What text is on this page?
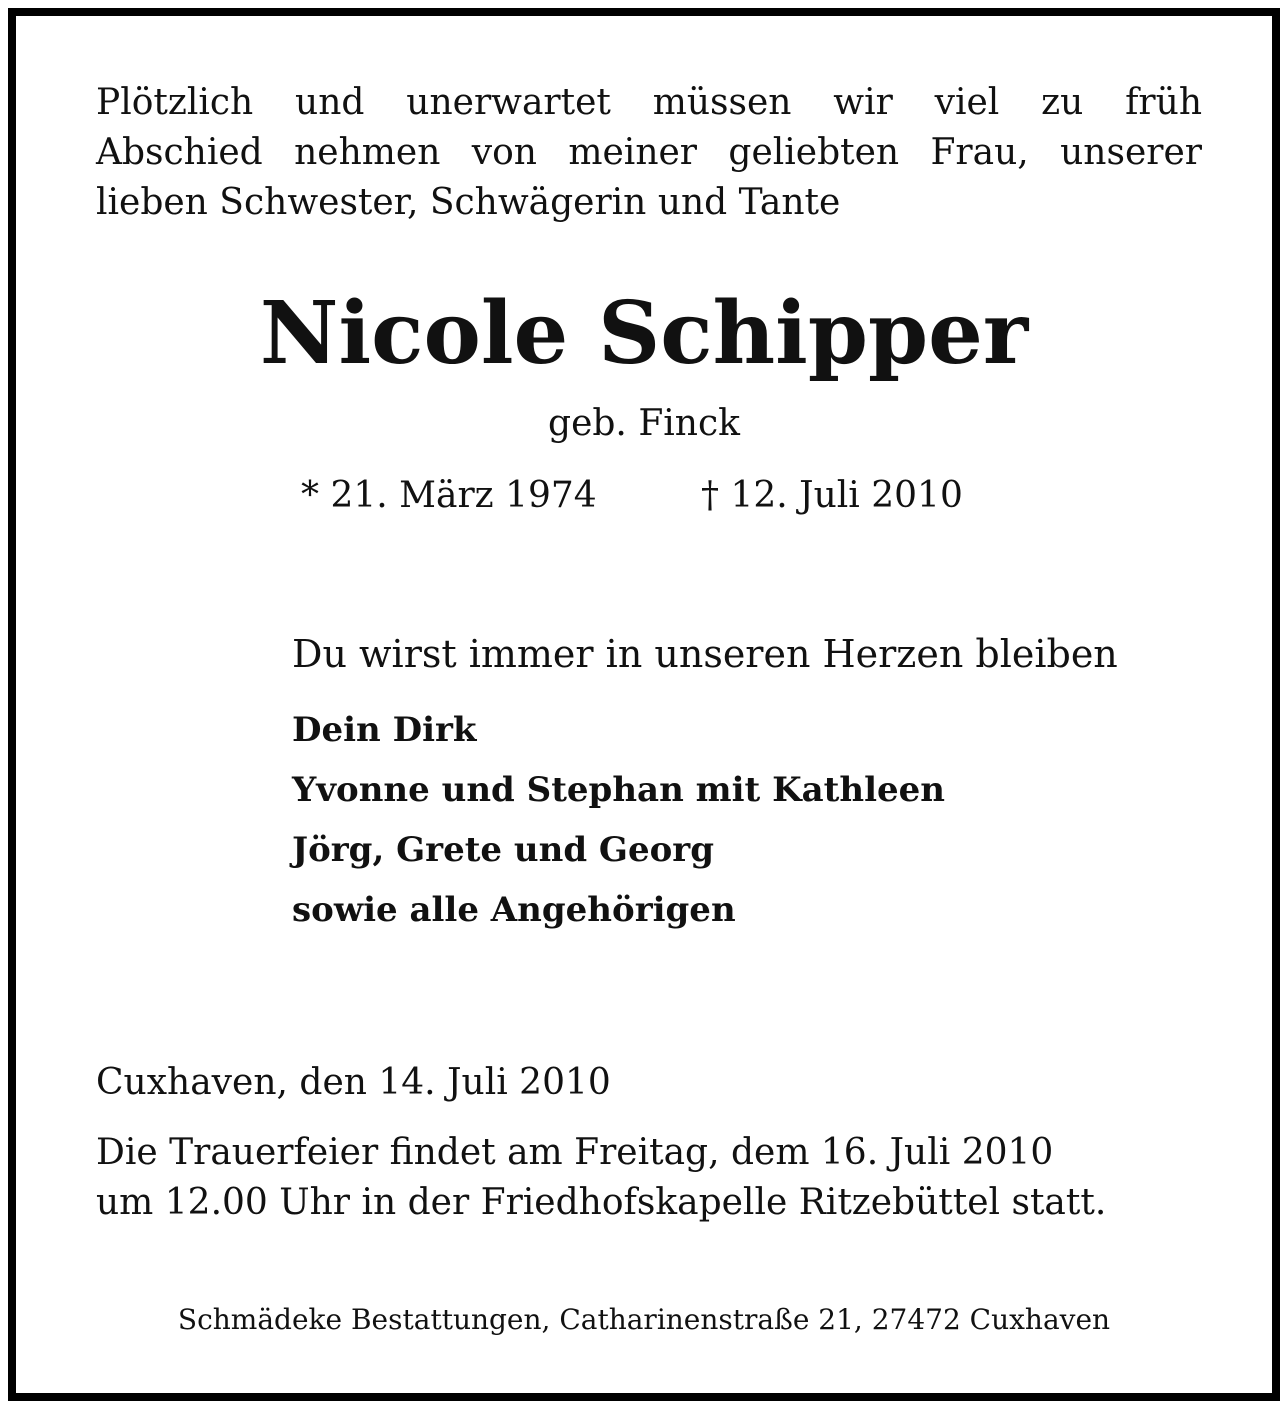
Plötzlich und unerwartet müssen wir viel zu früh
Abschied nehmen von meiner geliebten Frau, unserer
lieben Schwester, Schwägerin und Tante
Nicole Schipper
geb. Finck
* 21. März 1974	† 12. Juli 2010
Du wirst immer in unseren Herzen bleiben
Dein Dirk
Yvonne und Stephan mit Kathleen
Jörg, Grete und Georg
sowie alle Angehörigen
Cuxhaven, den 14. Juli 2010
Die Trauerfeier findet am Freitag, dem 16. Juli 2010
um 12.00 Uhr in der Friedhofskapelle Ritzebüttel statt.
Schmädeke Bestattungen, Catharinenstraße 21, 27472 Cuxhaven
